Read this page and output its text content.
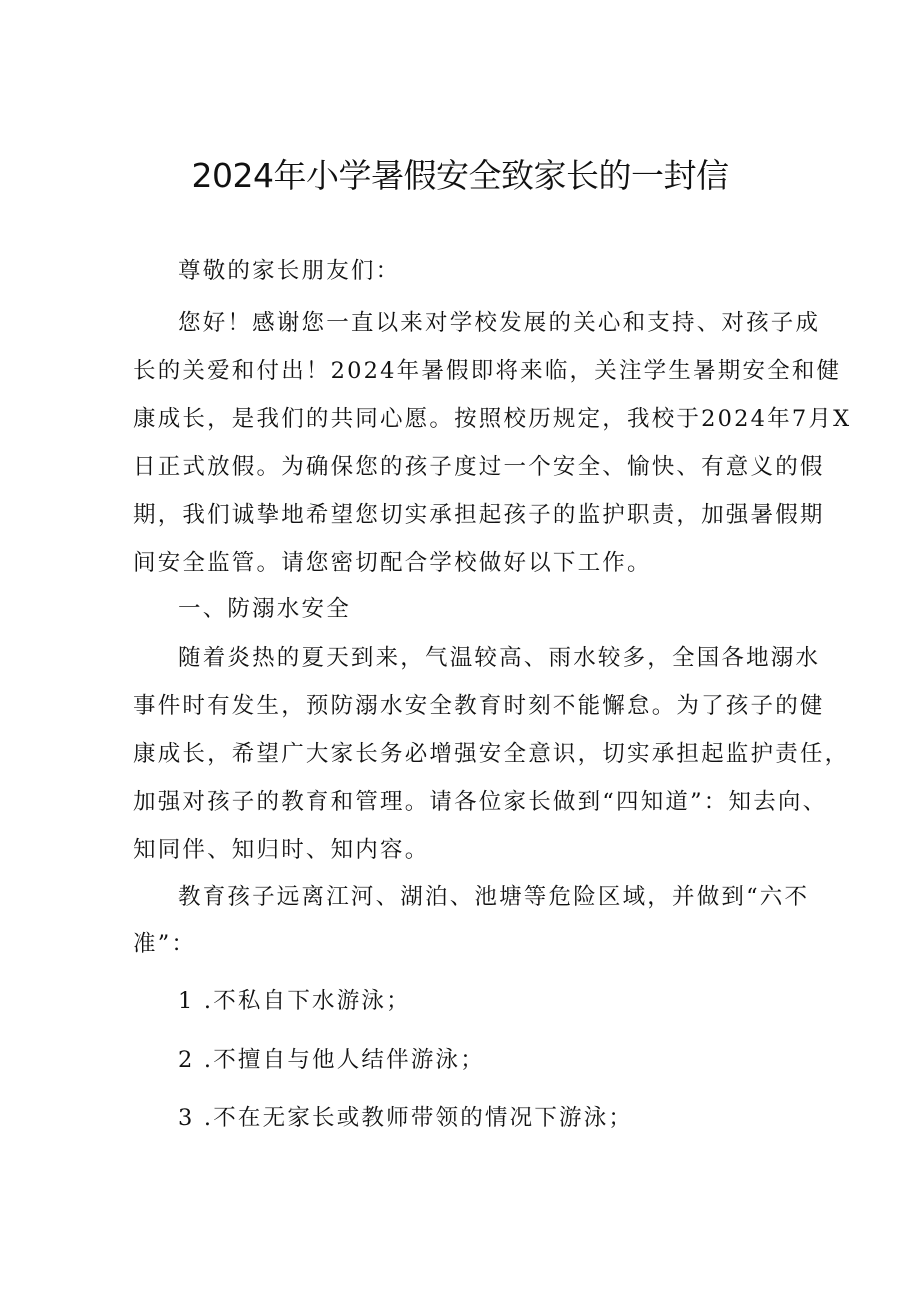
2024年小学暑假安全致家长的一封信
尊敬的家长朋友们：
您好！感谢您一直以来对学校发展的关心和支持、对孩子成
长的关爱和付出！2024年暑假即将来临，关注学生暑期安全和健
康成长，是我们的共同心愿。按照校历规定，我校于2024年7月X
日正式放假。为确保您的孩子度过一个安全、愉快、有意义的假
期，我们诚挚地希望您切实承担起孩子的监护职责，加强暑假期
间安全监管。请您密切配合学校做好以下工作。
一、防溺水安全
随着炎热的夏天到来，气温较高、雨水较多，全国各地溺水
事件时有发生，预防溺水安全教育时刻不能懈怠。为了孩子的健
康成长，希望广大家长务必增强安全意识，切实承担起监护责任，
加强对孩子的教育和管理。请各位家长做到“四知道”：知去向、
知同伴、知归时、知内容。
教育孩子远离江河、湖泊、池塘等危险区域，并做到“六不
准”：
1 .不私自下水游泳；
2 .不擅自与他人结伴游泳；
3 .不在无家长或教师带领的情况下游泳；
